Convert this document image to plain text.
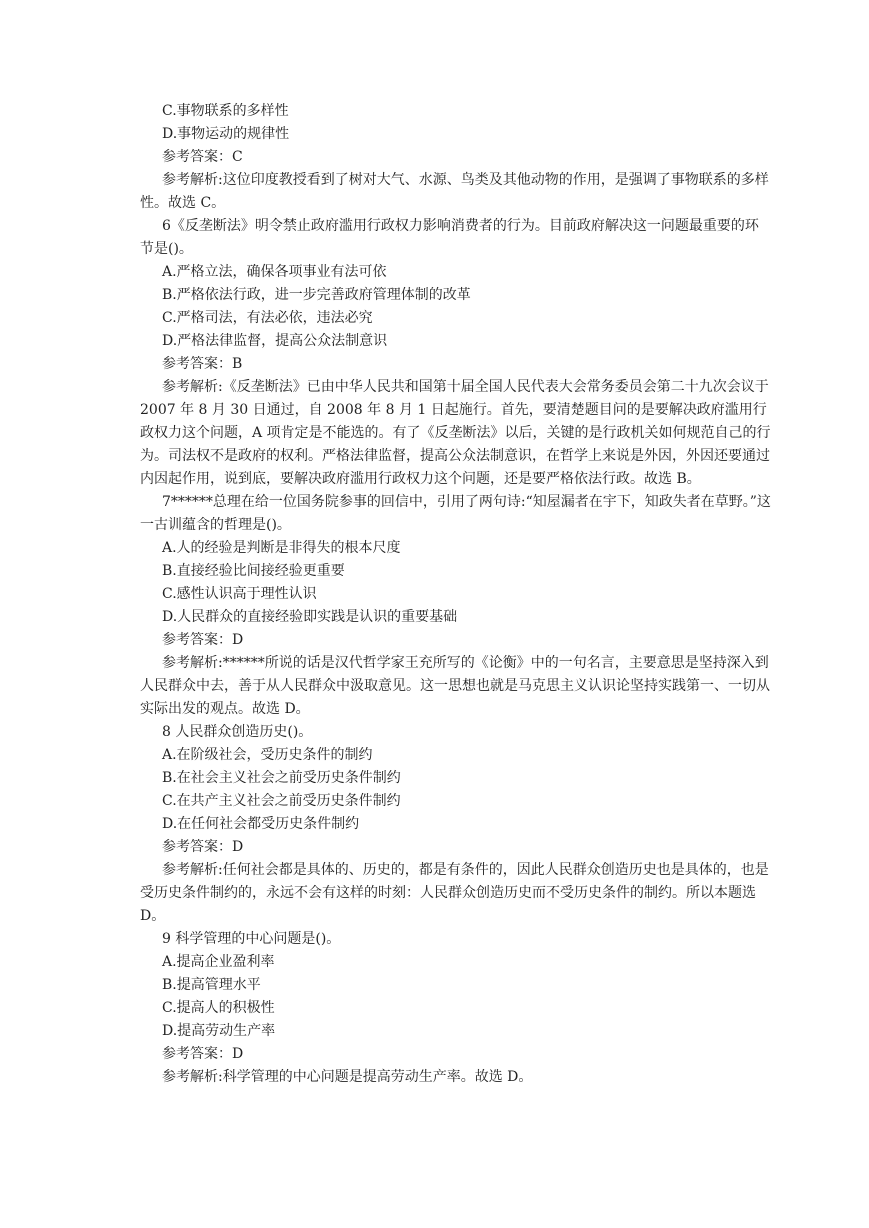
C.事物联系的多样性

D.事物运动的规律性

参考答案：C

参考解析:这位印度教授看到了树对大气、水源、鸟类及其他动物的作用，是强调了事物联系的多样性。故选 C。

6《反垄断法》明令禁止政府滥用行政权力影响消费者的行为。目前政府解决这一问题最重要的环节是()。

A.严格立法，确保各项事业有法可依

B.严格依法行政，进一步完善政府管理体制的改革

C.严格司法，有法必依，违法必究

D.严格法律监督，提高公众法制意识

参考答案：B

参考解析:《反垄断法》已由中华人民共和国第十届全国人民代表大会常务委员会第二十九次会议于 2007 年 8 月 30 日通过，自 2008 年 8 月 1 日起施行。首先，要清楚题目问的是要解决政府滥用行政权力这个问题，A 项肯定是不能选的。有了《反垄断法》以后，关键的是行政机关如何规范自己的行为。司法权不是政府的权利。严格法律监督，提高公众法制意识，在哲学上来说是外因，外因还要通过内因起作用，说到底，要解决政府滥用行政权力这个问题，还是要严格依法行政。故选 B。

7******总理在给一位国务院参事的回信中，引用了两句诗:“知屋漏者在宇下，知政失者在草野。”这一古训蕴含的哲理是()。

A.人的经验是判断是非得失的根本尺度

B.直接经验比间接经验更重要

C.感性认识高于理性认识

D.人民群众的直接经验即实践是认识的重要基础

参考答案：D

参考解析:******所说的话是汉代哲学家王充所写的《论衡》中的一句名言，主要意思是坚持深入到人民群众中去，善于从人民群众中汲取意见。这一思想也就是马克思主义认识论坚持实践第一、一切从实际出发的观点。故选 D。

8 人民群众创造历史()。

A.在阶级社会，受历史条件的制约

B.在社会主义社会之前受历史条件制约

C.在共产主义社会之前受历史条件制约

D.在任何社会都受历史条件制约

参考答案：D

参考解析:任何社会都是具体的、历史的，都是有条件的，因此人民群众创造历史也是具体的，也是受历史条件制约的，永远不会有这样的时刻：人民群众创造历史而不受历史条件的制约。所以本题选 D。

9 科学管理的中心问题是()。

A.提高企业盈利率

B.提高管理水平

C.提高人的积极性

D.提高劳动生产率

参考答案：D

参考解析:科学管理的中心问题是提高劳动生产率。故选 D。
